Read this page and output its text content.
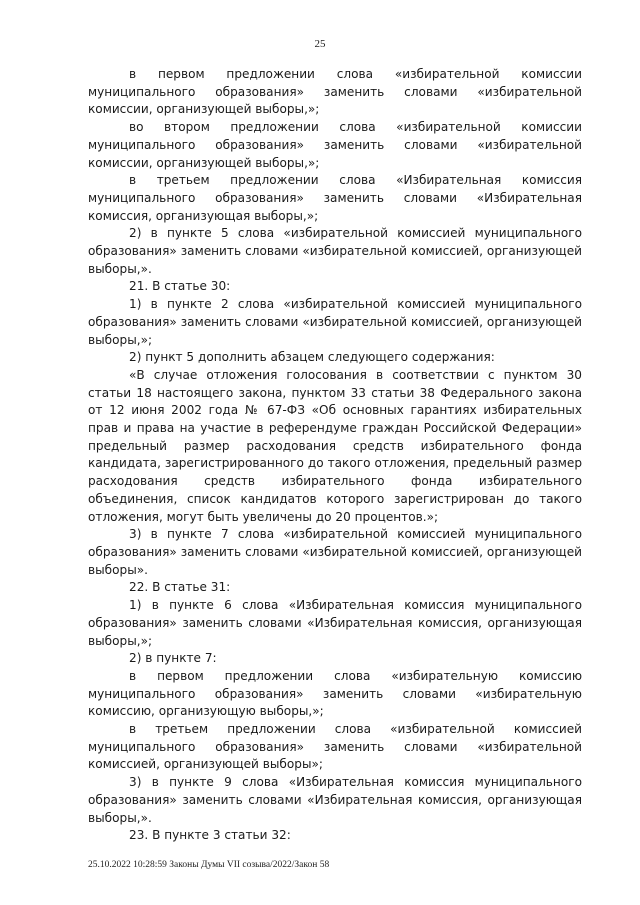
25

в первом предложении слова «избирательной комиссии муниципального образования» заменить словами «избирательной комиссии, организующей выборы,»;

во втором предложении слова «избирательной комиссии муниципального образования» заменить словами «избирательной комиссии, организующей выборы,»;

в третьем предложении слова «Избирательная комиссия муниципального образования» заменить словами «Избирательная комиссия, организующая выборы,»;

2) в пункте 5 слова «избирательной комиссией муниципального образования» заменить словами «избирательной комиссией, организующей выборы,».

21. В статье 30:

1) в пункте 2 слова «избирательной комиссией муниципального образования» заменить словами «избирательной комиссией, организующей выборы,»;

2) пункт 5 дополнить абзацем следующего содержания:

«В случае отложения голосования в соответствии с пунктом 30 статьи 18 настоящего закона, пунктом 33 статьи 38 Федерального закона от 12 июня 2002 года № 67-ФЗ «Об основных гарантиях избирательных прав и права на участие в референдуме граждан Российской Федерации» предельный размер расходования средств избирательного фонда кандидата, зарегистрированного до такого отложения, предельный размер расходования средств избирательного фонда избирательного объединения, список кандидатов которого зарегистрирован до такого отложения, могут быть увеличены до 20 процентов.»;

3) в пункте 7 слова «избирательной комиссией муниципального образования» заменить словами «избирательной комиссией, организующей выборы».

22. В статье 31:

1) в пункте 6 слова «Избирательная комиссия муниципального образования» заменить словами «Избирательная комиссия, организующая выборы,»;

2) в пункте 7:

в первом предложении слова «избирательную комиссию муниципального образования» заменить словами «избирательную комиссию, организующую выборы,»;

в третьем предложении слова «избирательной комиссией муниципального образования» заменить словами «избирательной комиссией, организующей выборы»;

3) в пункте 9 слова «Избирательная комиссия муниципального образования» заменить словами «Избирательная комиссия, организующая выборы,».

23. В пункте 3 статьи 32:

25.10.2022 10:28:59 Законы Думы VII созыва/2022/Закон 58
